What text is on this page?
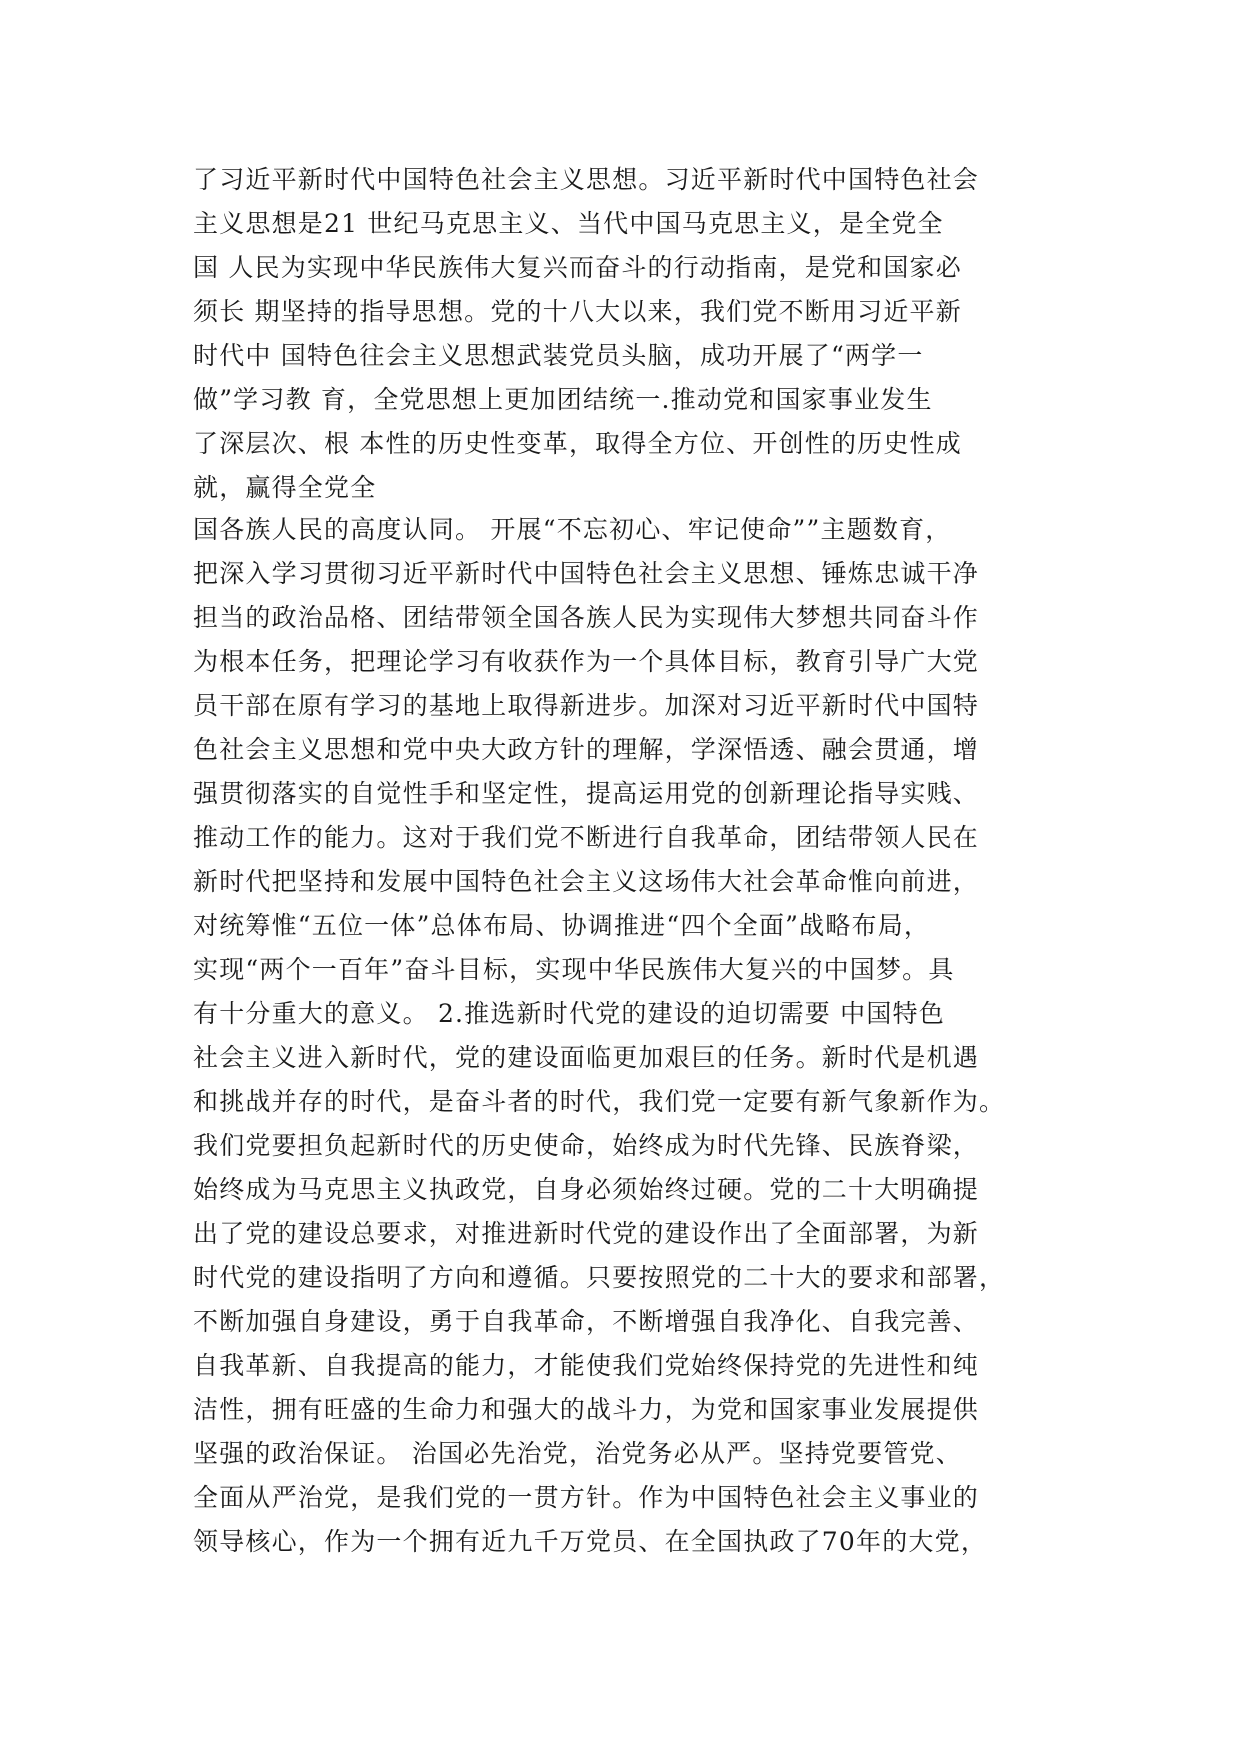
了习近平新时代中国特色社会主义思想。习近平新时代中国特色社会
主义思想是21 世纪马克思主义、当代中国马克思主义，是全党全
国 人民为实现中华民族伟大复兴而奋斗的行动指南，是党和国家必
须长 期坚持的指导思想。党的十八大以来，我们党不断用习近平新
时代中 国特色往会主义思想武装党员头脑，成功开展了“两学一
做”学习教 育，全党思想上更加团结统一.推动党和国家事业发生
了深层次、根 本性的历史性变革，取得全方位、开创性的历史性成
就，赢得全党全
国各族人民的高度认同。 开展“不忘初心、牢记使命””主题数育，
把深入学习贯彻习近平新时代中国特色社会主义思想、锤炼忠诚干净
担当的政治品格、团结带领全国各族人民为实现伟大梦想共同奋斗作
为根本任务，把理论学习有收获作为一个具体目标，教育引导广大党
员干部在原有学习的基地上取得新进步。加深对习近平新时代中国特
色社会主义思想和党中央大政方针的理解，学深悟透、融会贯通，增
强贯彻落实的自觉性手和坚定性，提高运用党的创新理论指导实贱、
推动工作的能力。这对于我们党不断进行自我革命，团结带领人民在
新时代把坚持和发展中国特色社会主义这场伟大社会革命惟向前进，
对统筹惟“五位一体”总体布局、协调推进“四个全面”战略布局，
实现“两个一百年”奋斗目标，实现中华民族伟大复兴的中国梦。具
有十分重大的意义。 2.推选新时代党的建设的迫切需要 中国特色
社会主义进入新时代，党的建设面临更加艰巨的任务。新时代是机遇
和挑战并存的时代，是奋斗者的时代，我们党一定要有新气象新作为。
我们党要担负起新时代的历史使命，始终成为时代先锋、民族脊梁，
始终成为马克思主义执政党，自身必须始终过硬。党的二十大明确提
出了党的建设总要求，对推进新时代党的建设作出了全面部署，为新
时代党的建设指明了方向和遵循。只要按照党的二十大的要求和部署，
不断加强自身建设，勇于自我革命，不断增强自我净化、自我完善、
自我革新、自我提高的能力，才能使我们党始终保持党的先进性和纯
洁性，拥有旺盛的生命力和强大的战斗力，为党和国家事业发展提供
坚强的政治保证。 治国必先治党，治党务必从严。坚持党要管党、
全面从严治党，是我们党的一贯方针。作为中国特色社会主义事业的
领导核心，作为一个拥有近九千万党员、在全国执政了70年的大党，
